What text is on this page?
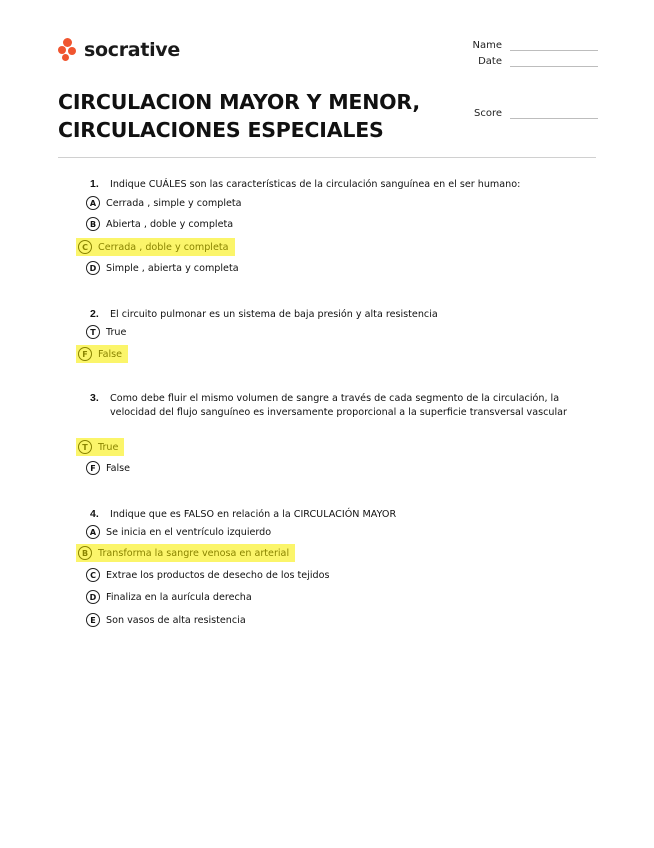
socrative	Name
Date
Score
CIRCULACION MAYOR Y MENOR,
CIRCULACIONES ESPECIALES
1.	Indique CUÁLES son las características de la circulación sanguínea en el ser humano:
A	Cerrada , simple y completa
B	Abierta , doble y completa
C	Cerrada , doble y completa
D	Simple , abierta y completa
2.	El circuito pulmonar es un sistema de baja presión y alta resistencia
T	True
F	False
3.	Como debe fluir el mismo volumen de sangre a través de cada segmento de la circulación, la velocidad del flujo sanguíneo es inversamente proporcional a la superficie transversal vascular
T	True
F	False
4.	Indique que es FALSO en relación a la CIRCULACIÓN MAYOR
A	Se inicia en el ventrículo izquierdo
B	Transforma la sangre venosa en arterial
C	Extrae los productos de desecho de los tejidos
D	Finaliza en la aurícula derecha
E	Son vasos de alta resistencia
